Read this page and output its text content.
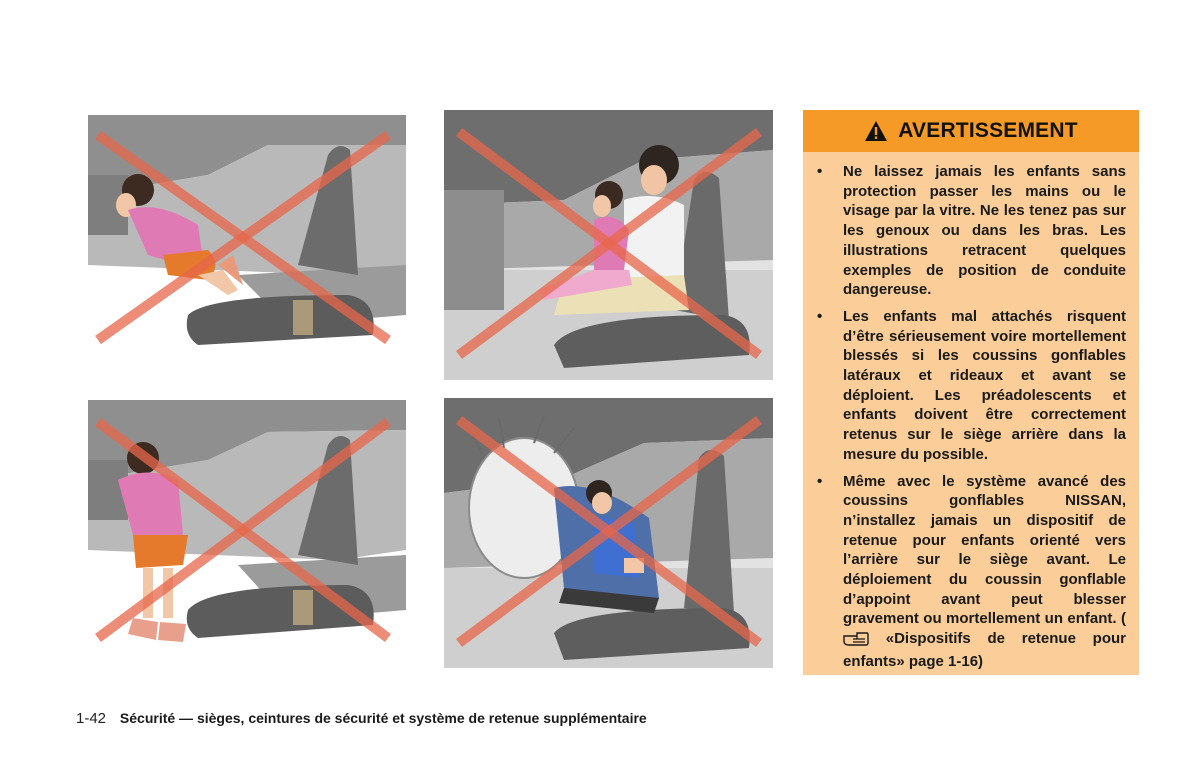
AVERTISSEMENT
• Ne laissez jamais les enfants sans protection passer les mains ou le visage par la vitre. Ne les tenez pas sur les genoux ou dans les bras. Les illustrations retracent quelques exemples de position de conduite dangereuse.
• Les enfants mal attachés risquent d’être sérieusement voire mortellement blessés si les coussins gonflables latéraux et rideaux et avant se déploient. Les préadolescents et enfants doivent être correctement retenus sur le siège arrière dans la mesure du possible.
• Même avec le système avancé des coussins gonflables NISSAN, n’installez jamais un dispositif de retenue pour enfants orienté vers l’arrière sur le siège avant. Le déploiement du coussin gonflable d’appoint avant peut blesser gravement ou mortellement un enfant. (  «Dispositifs de retenue pour enfants» page 1-16)
1-42 Sécurité — sièges, ceintures de sécurité et système de retenue supplémentaire
